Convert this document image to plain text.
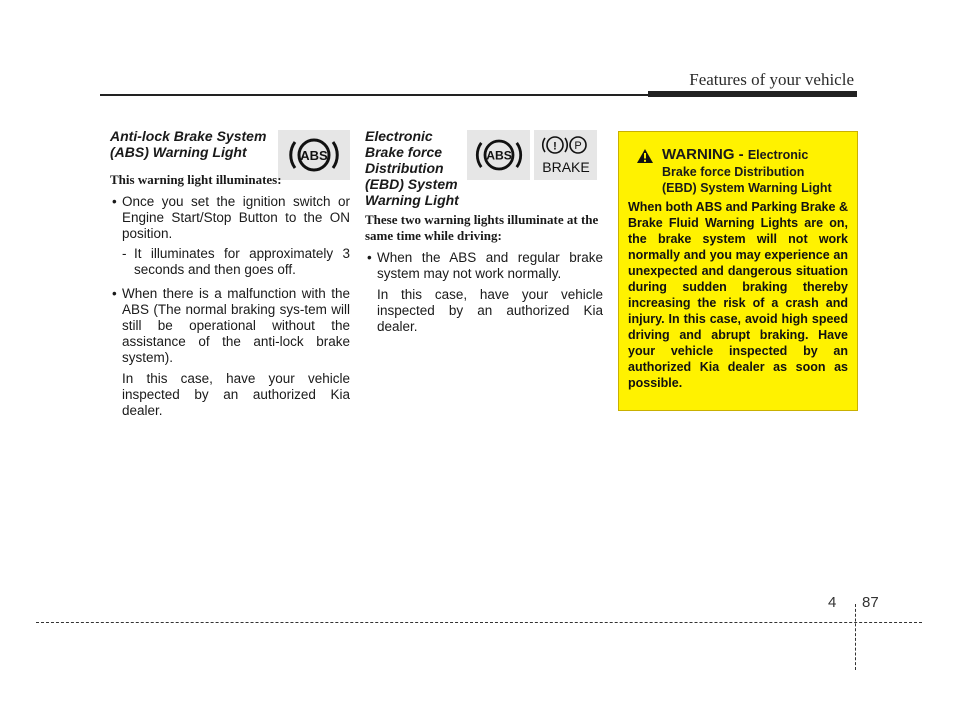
Features of your vehicle
ABS
Anti-lock Brake System
(ABS) Warning Light
This warning light illuminates:
• Once you set the ignition switch or Engine Start/Stop Button to the ON position.
- It illuminates for approximately 3 seconds and then goes off.
• When there is a malfunction with the ABS (The normal braking sys-tem will still be operational without the assistance of the anti-lock brake system).
In this case, have your vehicle inspected by an authorized Kia dealer.
ABS
! P
BRAKE
Electronic
Brake force
Distribution
(EBD) System
Warning Light
These two warning lights illuminate at the same time while driving:
• When the ABS and regular brake system may not work normally.
In this case, have your vehicle inspected by an authorized Kia dealer.
WARNING - Electronic
Brake force Distribution
(EBD) System Warning Light
When both ABS and Parking Brake & Brake Fluid Warning Lights are on, the brake system will not work normally and you may experience an unexpected and dangerous situation during sudden braking thereby increasing the risk of a crash and injury. In this case, avoid high speed driving and abrupt braking. Have your vehicle inspected by an authorized Kia dealer as soon as possible.
4 87
